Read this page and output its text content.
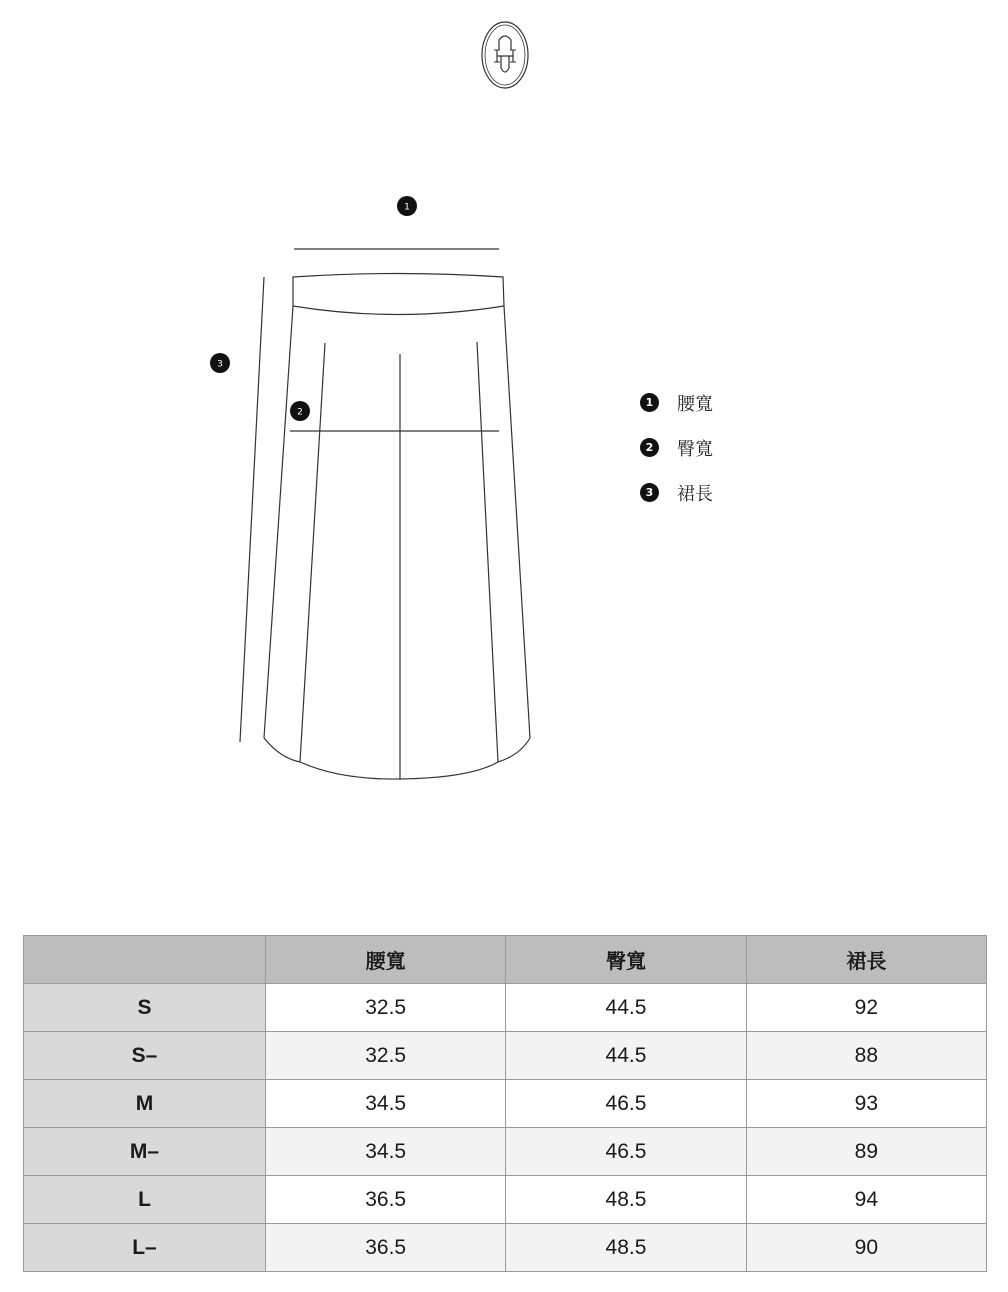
1
2
3
1	腰寬
2	臀寬
3	裙長
	腰寬	臀寬	裙長
S	32.5	44.5	92
S–	32.5	44.5	88
M	34.5	46.5	93
M–	34.5	46.5	89
L	36.5	48.5	94
L–	36.5	48.5	90
